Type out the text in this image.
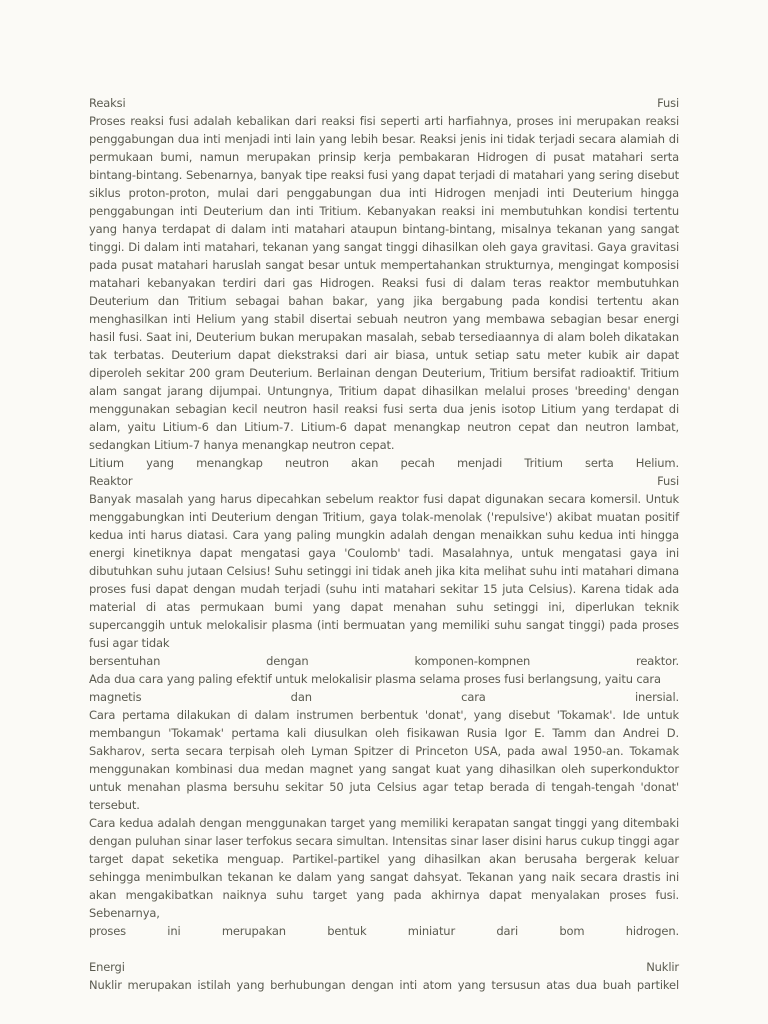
Reaksi	Fusi

Proses reaksi fusi adalah kebalikan dari reaksi fisi seperti arti harfiahnya, proses ini merupakan reaksi penggabungan dua inti menjadi inti lain yang lebih besar. Reaksi jenis ini tidak terjadi secara alamiah di permukaan bumi, namun merupakan prinsip kerja pembakaran Hidrogen di pusat matahari serta bintang-bintang. Sebenarnya, banyak tipe reaksi fusi yang dapat terjadi di matahari yang sering disebut siklus proton-proton, mulai dari penggabungan dua inti Hidrogen menjadi inti Deuterium hingga penggabungan inti Deuterium dan inti Tritium. Kebanyakan reaksi ini membutuhkan kondisi tertentu yang hanya terdapat di dalam inti matahari ataupun bintang-bintang, misalnya tekanan yang sangat tinggi. Di dalam inti matahari, tekanan yang sangat tinggi dihasilkan oleh gaya gravitasi. Gaya gravitasi pada pusat matahari haruslah sangat besar untuk mempertahankan strukturnya, mengingat komposisi matahari kebanyakan terdiri dari gas Hidrogen. Reaksi fusi di dalam teras reaktor membutuhkan Deuterium dan Tritium sebagai bahan bakar, yang jika bergabung pada kondisi tertentu akan menghasilkan inti Helium yang stabil disertai sebuah neutron yang membawa sebagian besar energi hasil fusi. Saat ini, Deuterium bukan merupakan masalah, sebab tersediaannya di alam boleh dikatakan tak terbatas. Deuterium dapat diekstraksi dari air biasa, untuk setiap satu meter kubik air dapat diperoleh sekitar 200 gram Deuterium. Berlainan dengan Deuterium, Tritium bersifat radioaktif. Tritium alam sangat jarang dijumpai. Untungnya, Tritium dapat dihasilkan melalui proses 'breeding' dengan menggunakan sebagian kecil neutron hasil reaksi fusi serta dua jenis isotop Litium yang terdapat di alam, yaitu Litium-6 dan Litium-7. Litium-6 dapat menangkap neutron cepat dan neutron lambat, sedangkan Litium-7 hanya menangkap neutron cepat.

Litium yang menangkap neutron akan pecah menjadi Tritium serta Helium.

Reaktor	Fusi

Banyak masalah yang harus dipecahkan sebelum reaktor fusi dapat digunakan secara komersil. Untuk menggabungkan inti Deuterium dengan Tritium, gaya tolak-menolak ('repulsive') akibat muatan positif kedua inti harus diatasi. Cara yang paling mungkin adalah dengan menaikkan suhu kedua inti hingga energi kinetiknya dapat mengatasi gaya 'Coulomb' tadi. Masalahnya, untuk mengatasi gaya ini dibutuhkan suhu jutaan Celsius! Suhu setinggi ini tidak aneh jika kita melihat suhu inti matahari dimana proses fusi dapat dengan mudah terjadi (suhu inti matahari sekitar 15 juta Celsius). Karena tidak ada material di atas permukaan bumi yang dapat menahan suhu setinggi ini, diperlukan teknik supercanggih untuk melokalisir plasma (inti bermuatan yang memiliki suhu sangat tinggi) pada proses fusi agar tidak

bersentuhan dengan komponen-kompnen reaktor.

Ada dua cara yang paling efektif untuk melokalisir plasma selama proses fusi berlangsung, yaitu cara

magnetis dan cara inersial.

Cara pertama dilakukan di dalam instrumen berbentuk 'donat', yang disebut 'Tokamak'. Ide untuk membangun 'Tokamak' pertama kali diusulkan oleh fisikawan Rusia Igor E. Tamm dan Andrei D. Sakharov, serta secara terpisah oleh Lyman Spitzer di Princeton USA, pada awal 1950-an. Tokamak menggunakan kombinasi dua medan magnet yang sangat kuat yang dihasilkan oleh superkonduktor untuk menahan plasma bersuhu sekitar 50 juta Celsius agar tetap berada di tengah-tengah 'donat' tersebut.

Cara kedua adalah dengan menggunakan target yang memiliki kerapatan sangat tinggi yang ditembaki dengan puluhan sinar laser terfokus secara simultan. Intensitas sinar laser disini harus cukup tinggi agar target dapat seketika menguap. Partikel-partikel yang dihasilkan akan berusaha bergerak keluar sehingga menimbulkan tekanan ke dalam yang sangat dahsyat. Tekanan yang naik secara drastis ini akan mengakibatkan naiknya suhu target yang pada akhirnya dapat menyalakan proses fusi. Sebenarnya,

proses ini merupakan bentuk miniatur dari bom hidrogen.

Energi	Nuklir

Nuklir merupakan istilah yang berhubungan dengan inti atom yang tersusun atas dua buah partikel
